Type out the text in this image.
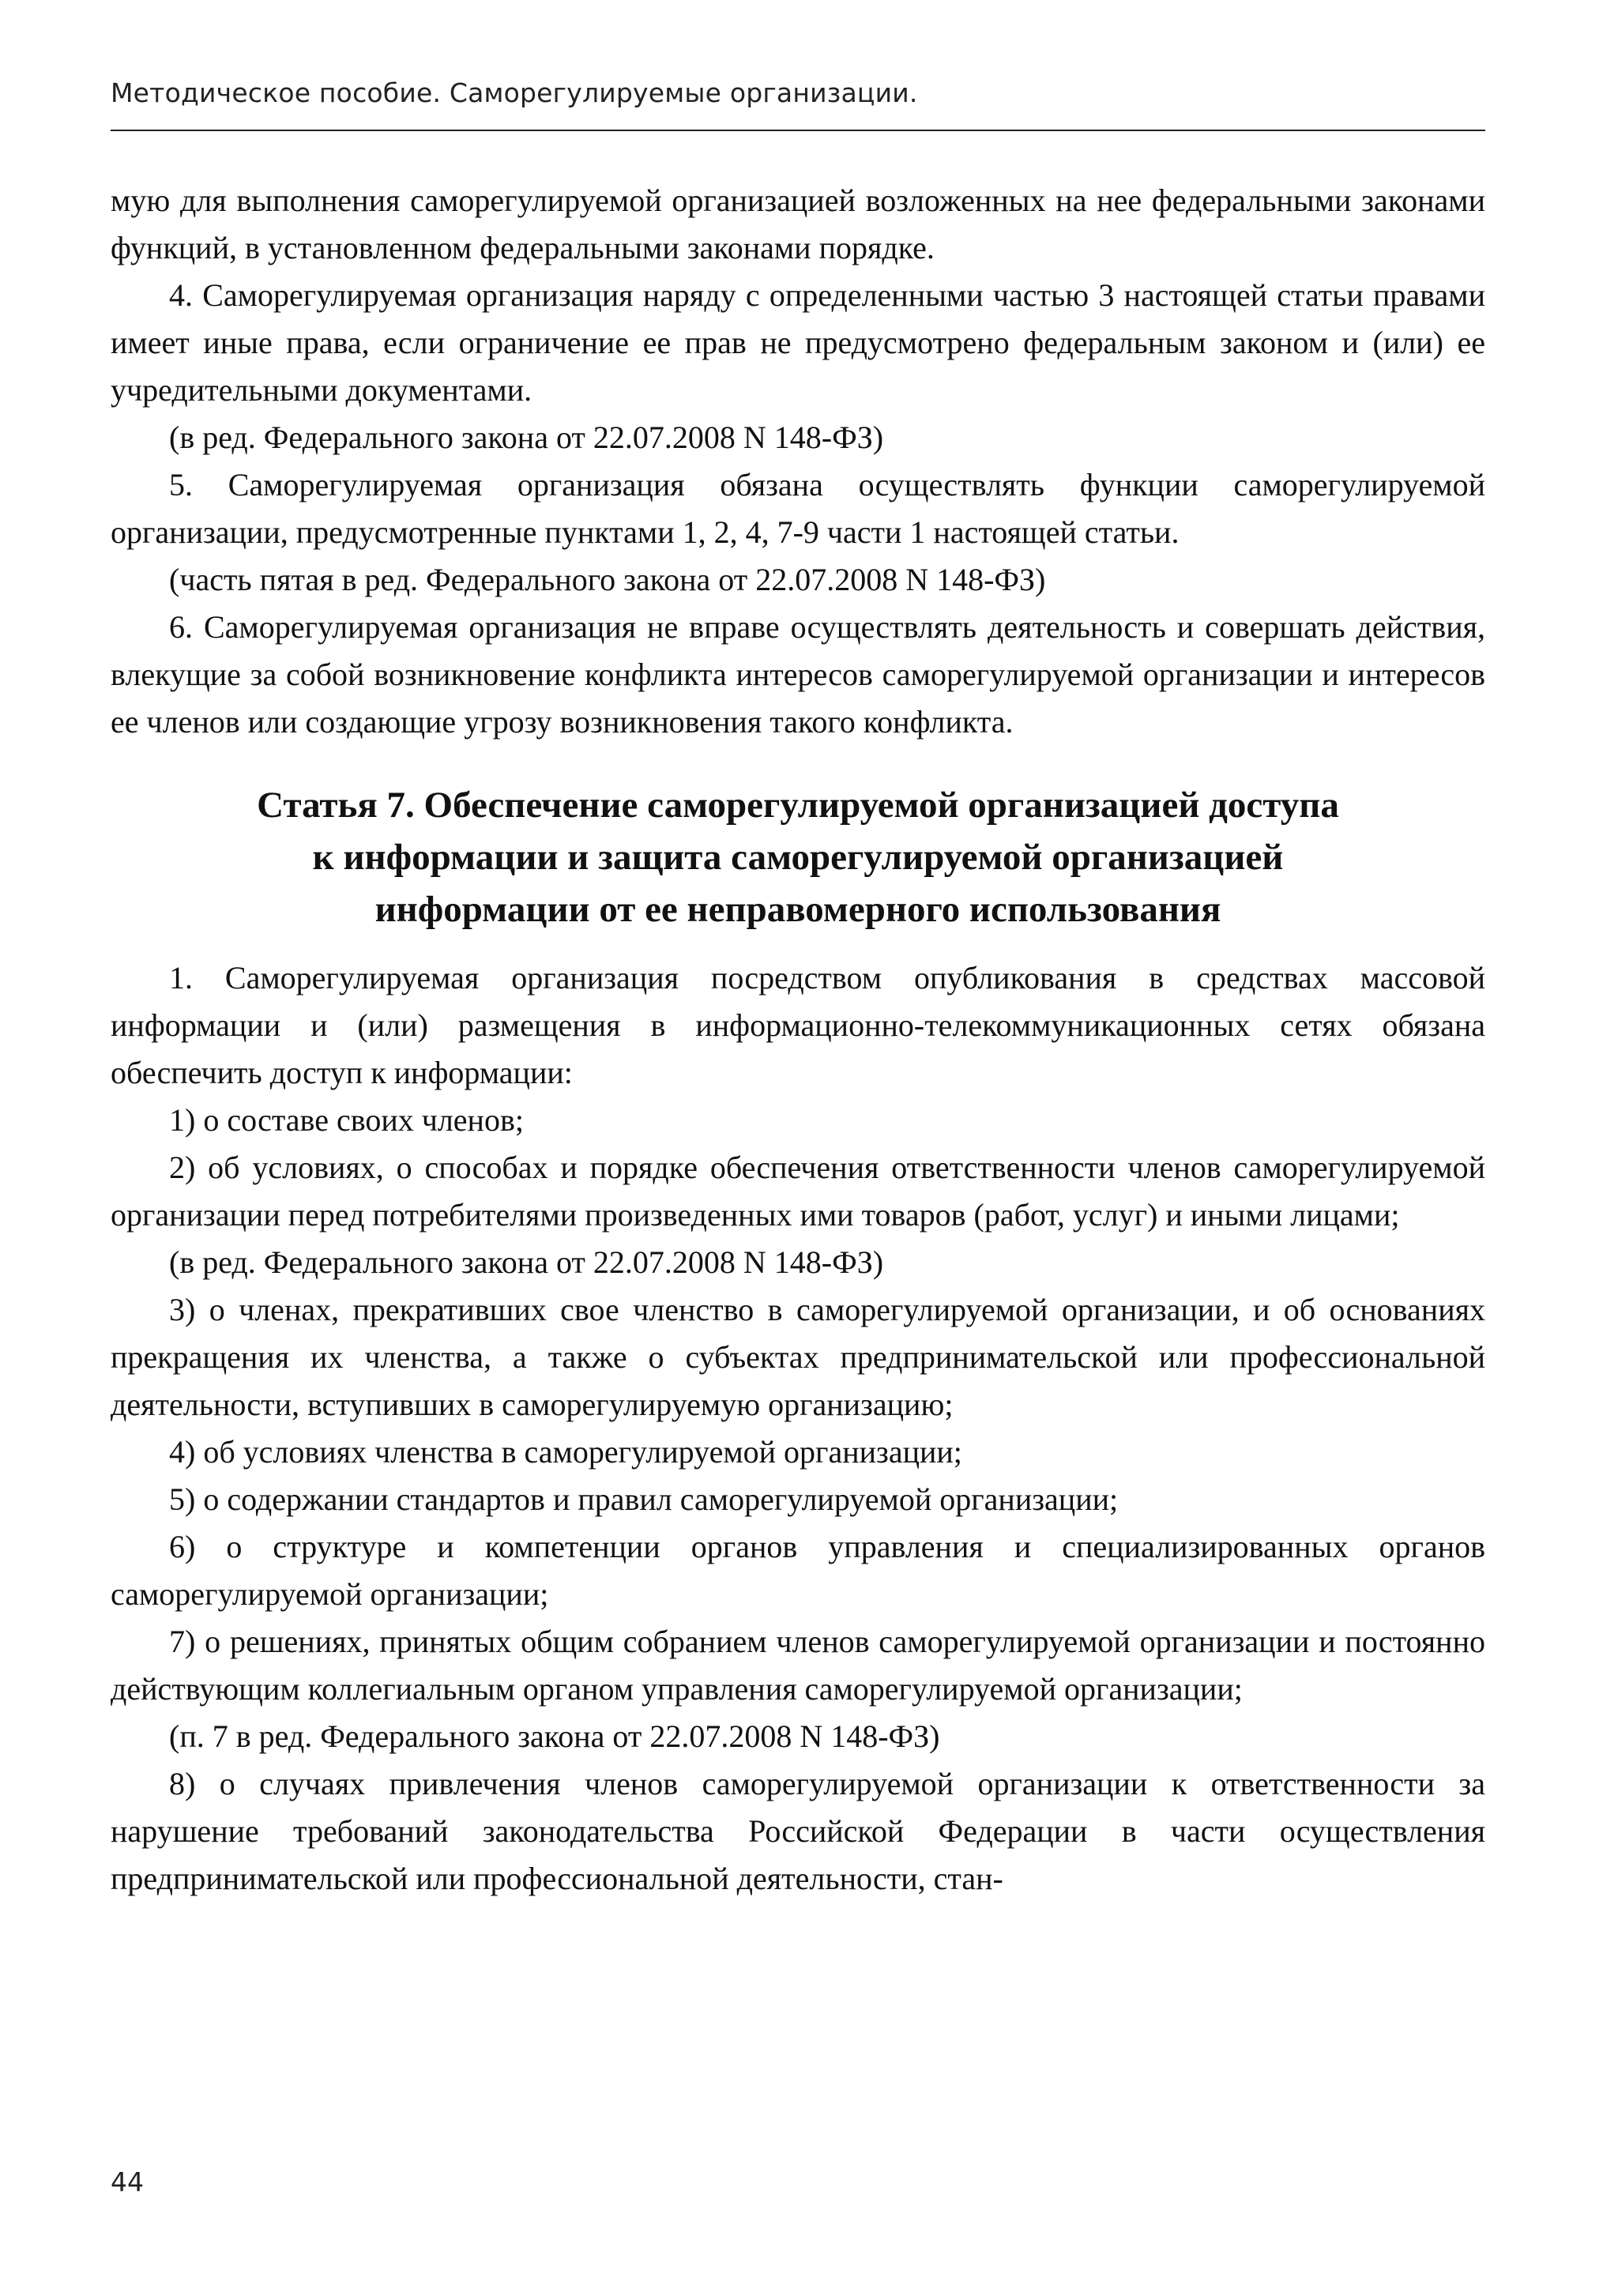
Методическое пособие. Саморегулируемые организации.

мую для выполнения саморегулируемой организацией возложенных на нее федеральными законами функций, в установленном федеральными законами порядке.

4. Саморегулируемая организация наряду с определенными частью 3 настоящей статьи правами имеет иные права, если ограничение ее прав не предусмотрено федеральным законом и (или) ее учредительными документами.

(в ред. Федерального закона от 22.07.2008 N 148-ФЗ)

5. Саморегулируемая организация обязана осуществлять функции саморегулируемой организации, предусмотренные пунктами 1, 2, 4, 7-9 части 1 настоящей статьи.

(часть пятая в ред. Федерального закона от 22.07.2008 N 148-ФЗ)

6. Саморегулируемая организация не вправе осуществлять деятельность и совершать действия, влекущие за собой возникновение конфликта интересов саморегулируемой организации и интересов ее членов или создающие угрозу возникновения такого конфликта.

Статья 7. Обеспечение саморегулируемой организацией доступа
к информации и защита саморегулируемой организацией
информации от ее неправомерного использования

1. Саморегулируемая организация посредством опубликования в средствах массовой информации и (или) размещения в информационно-телекоммуникационных сетях обязана обеспечить доступ к информации:

1) о составе своих членов;

2) об условиях, о способах и порядке обеспечения ответственности членов саморегулируемой организации перед потребителями произведенных ими товаров (работ, услуг) и иными лицами;

(в ред. Федерального закона от 22.07.2008 N 148-ФЗ)

3) о членах, прекративших свое членство в саморегулируемой организации, и об основаниях прекращения их членства, а также о субъектах предпринимательской или профессиональной деятельности, вступивших в саморегулируемую организацию;

4) об условиях членства в саморегулируемой организации;

5) о содержании стандартов и правил саморегулируемой организации;

6) о структуре и компетенции органов управления и специализированных органов саморегулируемой организации;

7) о решениях, принятых общим собранием членов саморегулируемой организации и постоянно действующим коллегиальным органом управления саморегулируемой организации;

(п. 7 в ред. Федерального закона от 22.07.2008 N 148-ФЗ)

8) о случаях привлечения членов саморегулируемой организации к ответственности за нарушение требований законодательства Российской Федерации в части осуществления предпринимательской или профессиональной деятельности, стан-

44
